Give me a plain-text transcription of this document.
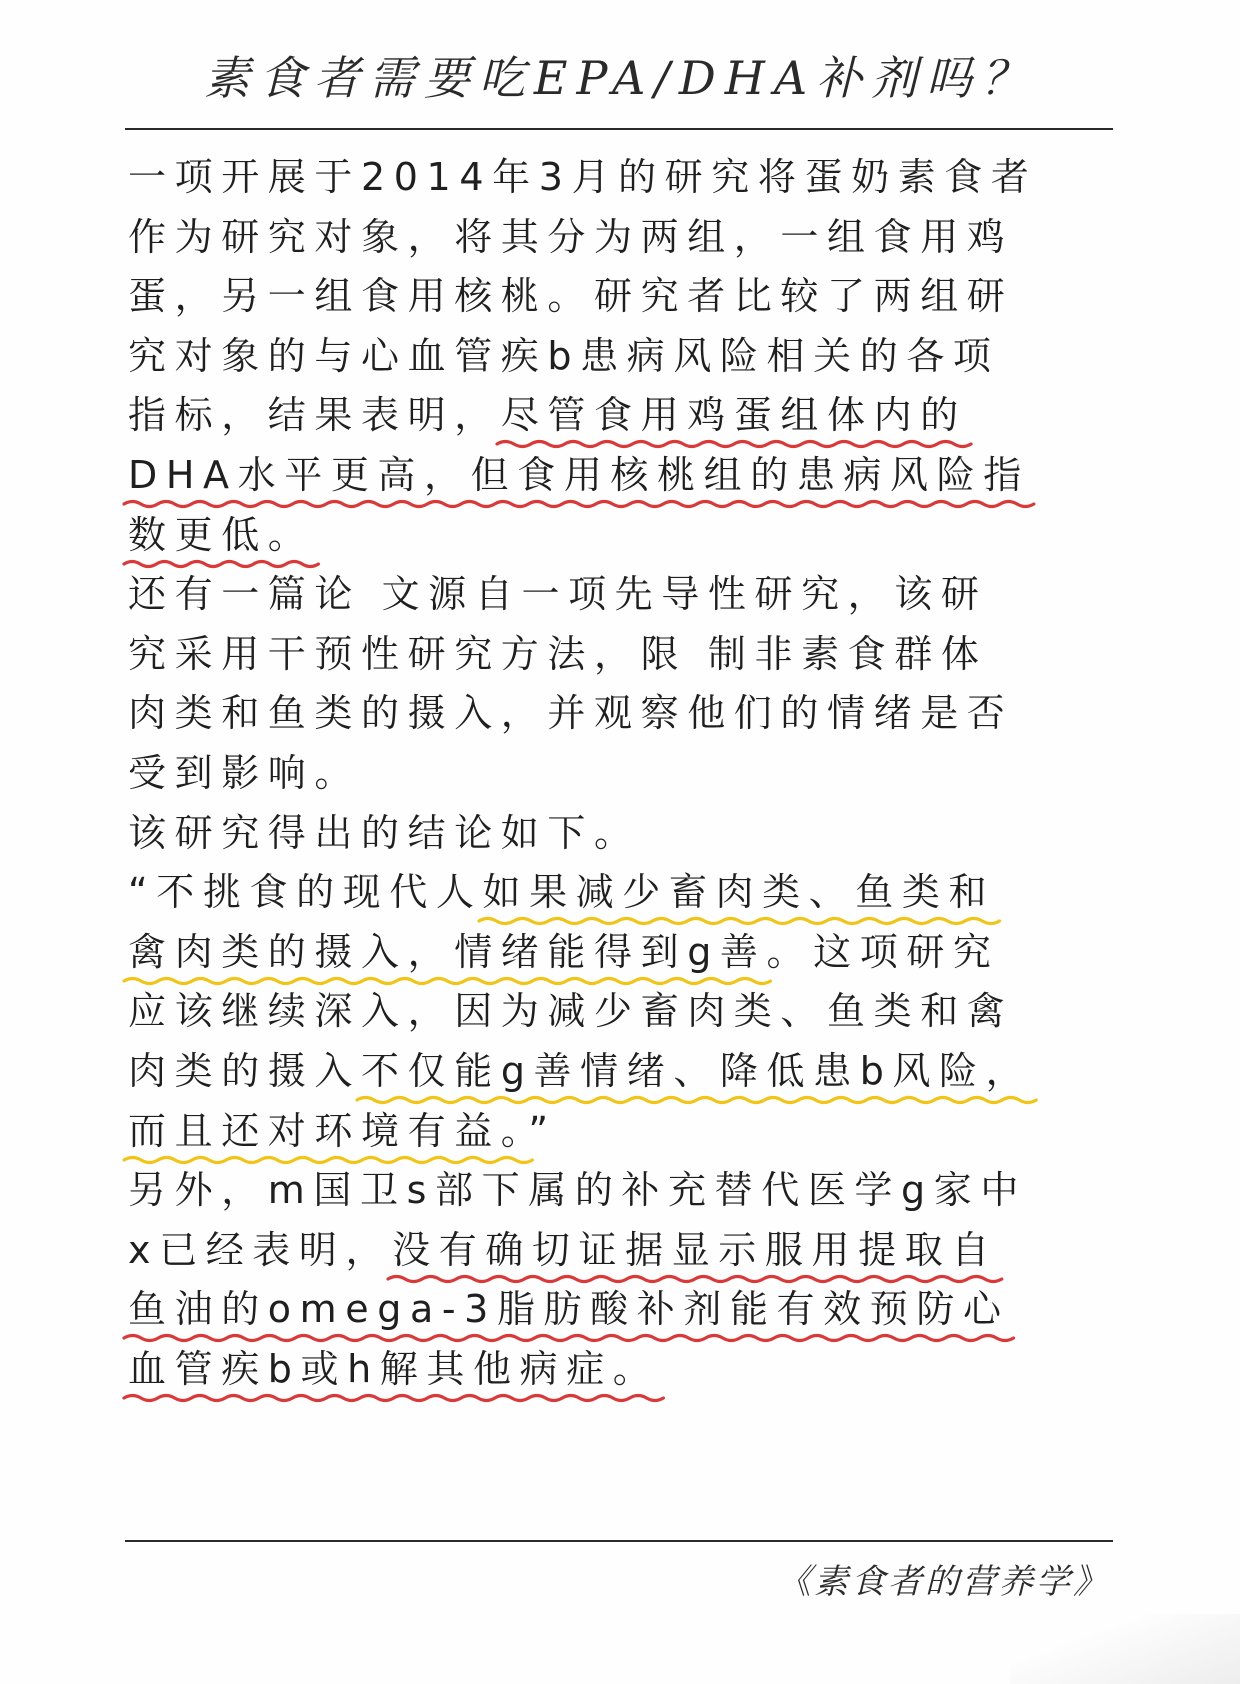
素食者需要吃EPA/DHA补剂吗？
一项开展于2014年3月的研究将蛋奶素食者
作为研究对象，将其分为两组，一组食用鸡
蛋，另一组食用核桃。研究者比较了两组研
究对象的与心血管疾b患病风险相关的各项
指标，结果表明，尽管食用鸡蛋组体内的
DHA水平更高，但食用核桃组的患病风险指
数更低。
还有一篇论 文源自一项先导性研究，该研
究采用干预性研究方法，限 制非素食群体
肉类和鱼类的摄入，并观察他们的情绪是否
受到影响。
该研究得出的结论如下。
“不挑食的现代人如果减少畜肉类、鱼类和
禽肉类的摄入，情绪能得到g善
。这项研究
应该继续深入，因为减少畜肉类、鱼类和禽
肉类的摄入不仅能g善情绪、降低患b风险，
而且还对环境有益。
”
另外，m国卫s部下属的补充替代医学g家中
x已经表明，没有确切证据显示服用提取自
鱼油的omega-3脂肪酸补剂能有效预防心
血管疾b或h解其他病症。
《素食者的营养学》
